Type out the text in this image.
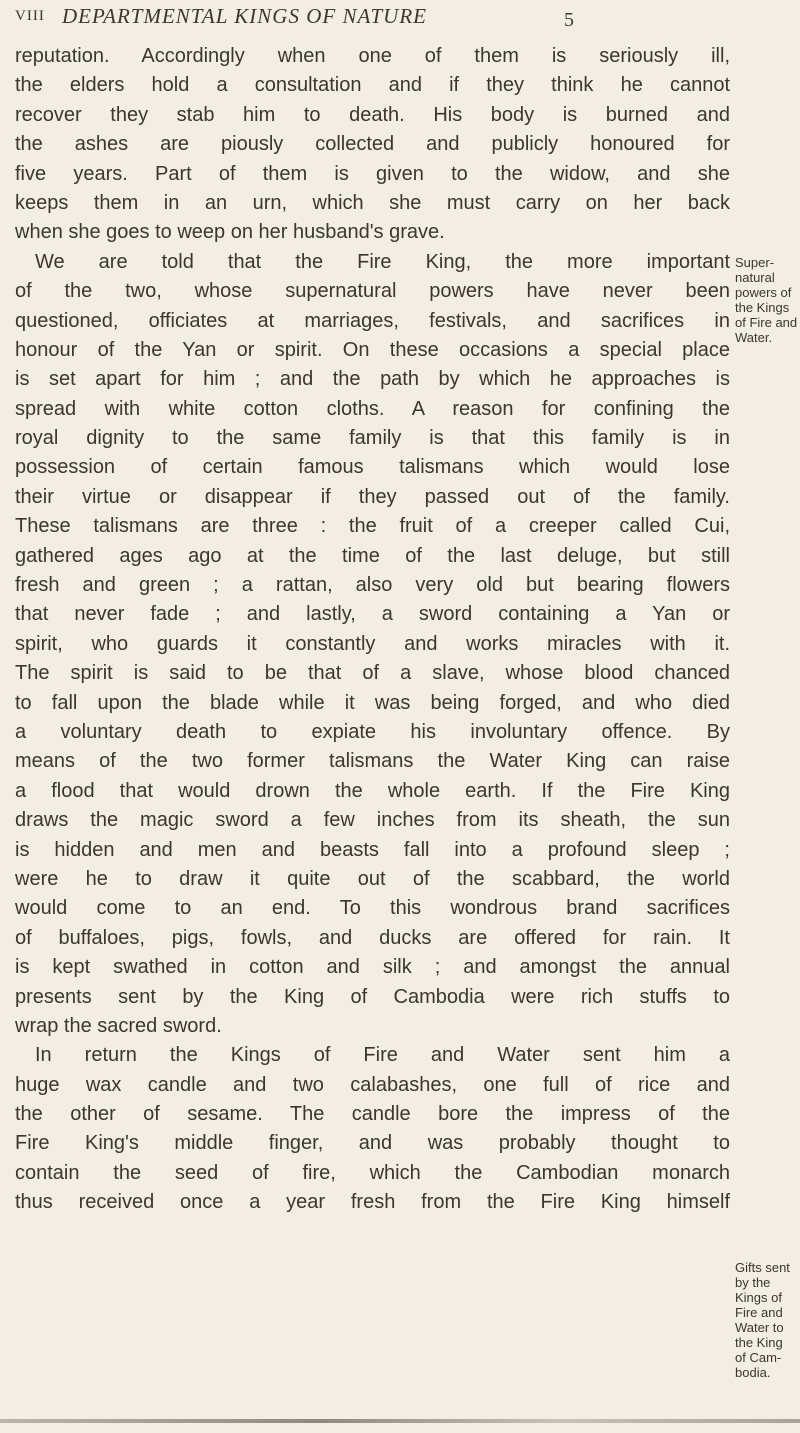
VIII DEPARTMENTAL KINGS OF NATURE	5
reputation. Accordingly when one of them is seriously ill,
the elders hold a consultation and if they think he cannot
recover they stab him to death. His body is burned and
the ashes are piously collected and publicly honoured for
five years. Part of them is given to the widow, and she
keeps them in an urn, which she must carry on her back
when she goes to weep on her husband's grave.
We are told that the Fire King, the more important
of the two, whose supernatural powers have never been
questioned, officiates at marriages, festivals, and sacrifices in
honour of the Yan or spirit. On these occasions a special place
is set apart for him ; and the path by which he approaches is
spread with white cotton cloths. A reason for confining the
royal dignity to the same family is that this family is in
possession of certain famous talismans which would lose
their virtue or disappear if they passed out of the family.
These talismans are three : the fruit of a creeper called Cui,
gathered ages ago at the time of the last deluge, but still
fresh and green ; a rattan, also very old but bearing flowers
that never fade ; and lastly, a sword containing a Yan or
spirit, who guards it constantly and works miracles with it.
The spirit is said to be that of a slave, whose blood chanced
to fall upon the blade while it was being forged, and who died
a voluntary death to expiate his involuntary offence. By
means of the two former talismans the Water King can raise
a flood that would drown the whole earth. If the Fire King
draws the magic sword a few inches from its sheath, the sun
is hidden and men and beasts fall into a profound sleep ;
were he to draw it quite out of the scabbard, the world
would come to an end. To this wondrous brand sacrifices
of buffaloes, pigs, fowls, and ducks are offered for rain. It
is kept swathed in cotton and silk ; and amongst the annual
presents sent by the King of Cambodia were rich stuffs to
wrap the sacred sword.
In return the Kings of Fire and Water sent him a
huge wax candle and two calabashes, one full of rice and
the other of sesame. The candle bore the impress of the
Fire King's middle finger, and was probably thought to
contain the seed of fire, which the Cambodian monarch
thus received once a year fresh from the Fire King himself
Super-
natural
powers of
the Kings
of Fire and
Water.
Gifts sent
by the
Kings of
Fire and
Water to
the King
of Cam-
bodia.
